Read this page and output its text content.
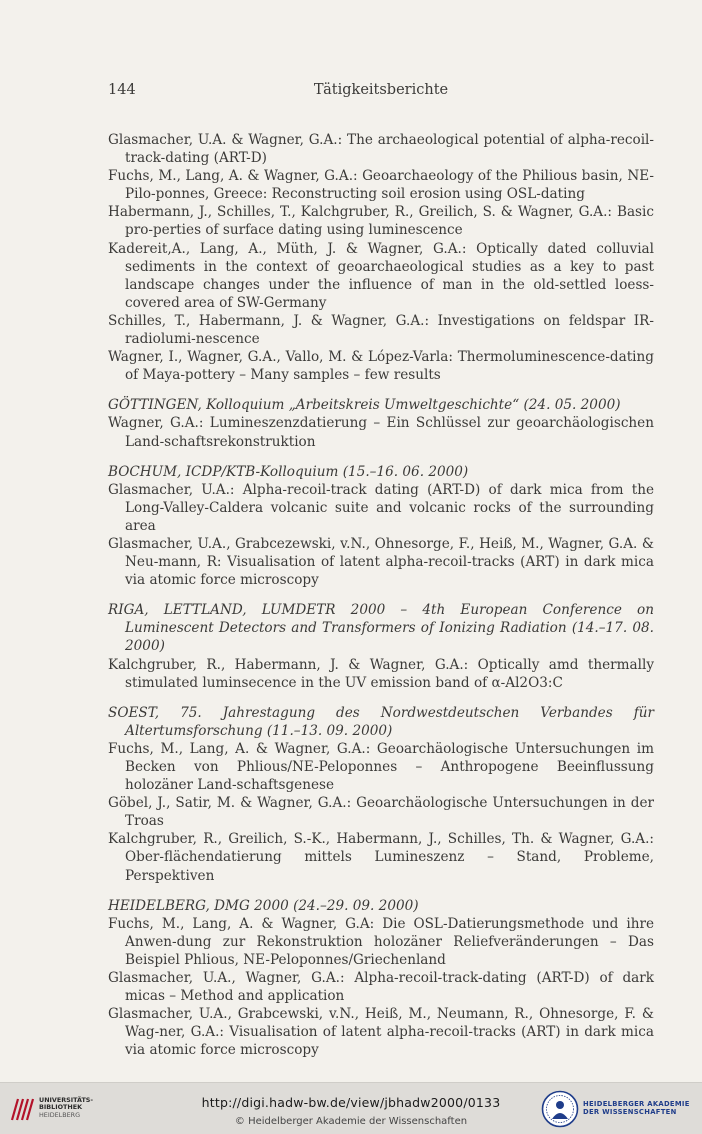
144	Tätigkeitsberichte

Glasmacher, U.A. & Wagner, G.A.: The archaeological potential of alpha-recoil-track-dating (ART-D)

Fuchs, M., Lang, A. & Wagner, G.A.: Geoarchaeology of the Philious basin, NE-Pilo-ponnes, Greece: Reconstructing soil erosion using OSL-dating

Habermann, J., Schilles, T., Kalchgruber, R., Greilich, S. & Wagner, G.A.: Basic pro-perties of surface dating using luminescence

Kadereit,A., Lang, A., Müth, J. & Wagner, G.A.: Optically dated colluvial sediments in the context of geoarchaeological studies as a key to past landscape changes under the influence of man in the old-settled loess-covered area of SW-Germany

Schilles, T., Habermann, J. & Wagner, G.A.: Investigations on feldspar IR-radiolumi-nescence

Wagner, I., Wagner, G.A., Vallo, M. & López-Varla: Thermoluminescence-dating of Maya-pottery – Many samples – few results

GÖTTINGEN, Kolloquium „Arbeitskreis Umweltgeschichte“ (24. 05. 2000)

Wagner, G.A.: Lumineszenzdatierung – Ein Schlüssel zur geoarchäologischen Land-schaftsrekonstruktion

BOCHUM, ICDP/KTB-Kolloquium (15.–16. 06. 2000)

Glasmacher, U.A.: Alpha-recoil-track dating (ART-D) of dark mica from the Long-Valley-Caldera volcanic suite and volcanic rocks of the surrounding area

Glasmacher, U.A., Grabcezewski, v.N., Ohnesorge, F., Heiß, M., Wagner, G.A. & Neu-mann, R: Visualisation of latent alpha-recoil-tracks (ART) in dark mica via atomic force microscopy

RIGA, LETTLAND, LUMDETR 2000 – 4th European Conference on Luminescent Detectors and Transformers of Ionizing Radiation (14.–17. 08. 2000)

Kalchgruber, R., Habermann, J. & Wagner, G.A.: Optically amd thermally stimulated luminsecence in the UV emission band of α-Al2O3:C

SOEST, 75. Jahrestagung des Nordwestdeutschen Verbandes für Altertumsforschung (11.–13. 09. 2000)

Fuchs, M., Lang, A. & Wagner, G.A.: Geoarchäologische Untersuchungen im Becken von Phlious/NE-Peloponnes – Anthropogene Beeinflussung holozäner Land-schaftsgenese

Göbel, J., Satir, M. & Wagner, G.A.: Geoarchäologische Untersuchungen in der Troas

Kalchgruber, R., Greilich, S.-K., Habermann, J., Schilles, Th. & Wagner, G.A.: Ober-flächendatierung mittels Lumineszenz – Stand, Probleme, Perspektiven

HEIDELBERG, DMG 2000 (24.–29. 09. 2000)

Fuchs, M., Lang, A. & Wagner, G.A: Die OSL-Datierungsmethode und ihre Anwen-dung zur Rekonstruktion holozäner Reliefveränderungen – Das Beispiel Phlious, NE-Peloponnes/Griechenland

Glasmacher, U.A., Wagner, G.A.: Alpha-recoil-track-dating (ART-D) of dark micas – Method and application

Glasmacher, U.A., Grabcewski, v.N., Heiß, M., Neumann, R., Ohnesorge, F. & Wag-ner, G.A.: Visualisation of latent alpha-recoil-tracks (ART) in dark mica via atomic force microscopy

UNIVERSITÄTS-
BIBLIOTHEK
HEIDELBERG
http://digi.hadw-bw.de/view/jbhadw2000/0133
© Heidelberger Akademie der Wissenschaften
HEIDELBERGER AKADEMIE
DER WISSENSCHAFTEN
